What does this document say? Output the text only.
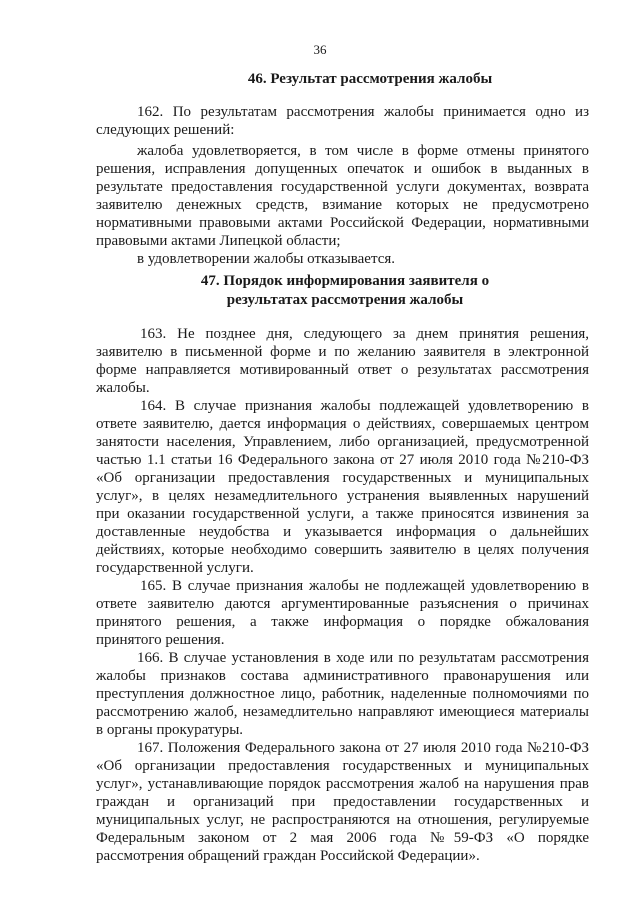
36
46. Результат рассмотрения жалобы
162. По результатам рассмотрения жалобы принимается одно из
следующих решений:
жалоба удовлетворяется, в том числе в форме отмены принятого
решения, исправления допущенных опечаток и ошибок в выданных в
результате предоставления государственной услуги документах, возврата
заявителю денежных средств, взимание которых не предусмотрено
нормативными правовыми актами Российской Федерации, нормативными
правовыми актами Липецкой области;
в удовлетворении жалобы отказывается.
47. Порядок информирования заявителя о
результатах рассмотрения жалобы
163. Не позднее дня, следующего за днем принятия решения,
заявителю в письменной форме и по желанию заявителя в электронной
форме направляется мотивированный ответ о результатах рассмотрения
жалобы.
164. В случае признания жалобы подлежащей удовлетворению в
ответе заявителю, дается информация о действиях, совершаемых центром
занятости населения, Управлением, либо организацией, предусмотренной
частью 1.1 статьи 16 Федерального закона от 27 июля 2010 года №210-ФЗ
«Об организации предоставления государственных и муниципальных
услуг», в целях незамедлительного устранения выявленных нарушений
при оказании государственной услуги, а также приносятся извинения за
доставленные неудобства и указывается информация о дальнейших
действиях, которые необходимо совершить заявителю в целях получения
государственной услуги.
165. В случае признания жалобы не подлежащей удовлетворению в
ответе заявителю даются аргументированные разъяснения о причинах
принятого решения, а также информация о порядке обжалования
принятого решения.
166. В случае установления в ходе или по результатам рассмотрения
жалобы признаков состава административного правонарушения или
преступления должностное лицо, работник, наделенные полномочиями по
рассмотрению жалоб, незамедлительно направляют имеющиеся материалы
в органы прокуратуры.
167. Положения Федерального закона от 27 июля 2010 года №210-ФЗ
«Об организации предоставления государственных и муниципальных
услуг», устанавливающие порядок рассмотрения жалоб на нарушения прав
граждан и организаций при предоставлении государственных и
муниципальных услуг, не распространяются на отношения, регулируемые
Федеральным законом от 2 мая 2006 года №59-ФЗ «О порядке
рассмотрения обращений граждан Российской Федерации».
